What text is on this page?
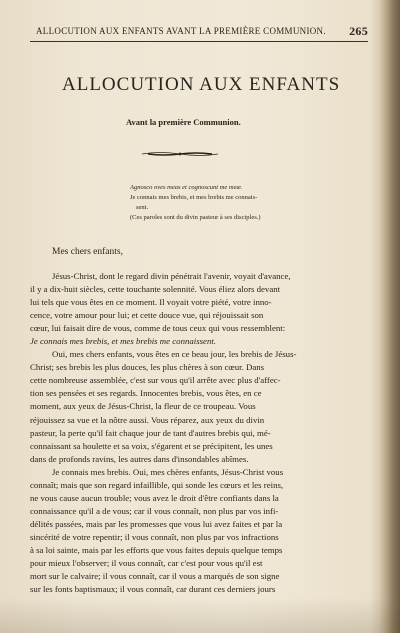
ALLOCUTION AUX ENFANTS AVANT LA PREMIÈRE COMMUNION. 265
ALLOCUTION AUX ENFANTS
Avant la première Communion.
Agnosco oves meas et cognoscunt me meæ.
Je connais mes brebis, et mes brebis me connais-
sent.
(Ces paroles sont du divin pasteur à ses disciples.)
Mes chers enfants,
Jésus-Christ, dont le regard divin pénétrait l'avenir, voyait d'avance,
il y a dix-huit siècles, cette touchante solennité. Vous éliez alors devant
lui tels que vous êtes en ce moment. Il voyait votre piété, votre inno-
cence, votre amour pour lui; et cette douce vue, qui réjouissait son
cœur, lui faisait dire de vous, comme de tous ceux qui vous ressemblent:
Je connais mes brebis, et mes brebis me connaissent.
Oui, mes chers enfants, vous êtes en ce beau jour, les brebis de Jésus-
Christ; ses brebis les plus douces, les plus chères à son cœur. Dans
cette nombreuse assemblée, c'est sur vous qu'il arrête avec plus d'affec-
tion ses pensées et ses regards. Innocentes brebis, vous êtes, en ce
moment, aux yeux de Jésus-Christ, la fleur de ce troupeau. Vous
réjouissez sa vue et la nôtre aussi. Vous réparez, aux yeux du divin
pasteur, la perte qu'il fait chaque jour de tant d'autres brebis qui, mé-
connaissant sa houlette et sa voix, s'égarent et se précipitent, les unes
dans de profonds ravins, les autres dans d'insondables abîmes.
Je connais mes brebis. Oui, mes chères enfants, Jésus-Christ vous
connaît; mais que son regard infaillible, qui sonde les cœurs et les reins,
ne vous cause aucun trouble; vous avez le droit d'être confiants dans la
connaissance qu'il a de vous; car il vous connaît, non plus par vos infi-
délités passées, mais par les promesses que vous lui avez faites et par la
sincérité de votre repentir; il vous connaît, non plus par vos infractions
à sa loi sainte, mais par les efforts que vous faites depuis quelque temps
pour mieux l'observer; il vous connaît, car c'est pour vous qu'il est
mort sur le calvaire; il vous connaît, car il vous a marqués de son signe
sur les fonts baptismaux; il vous connaît, car durant ces derniers jours
